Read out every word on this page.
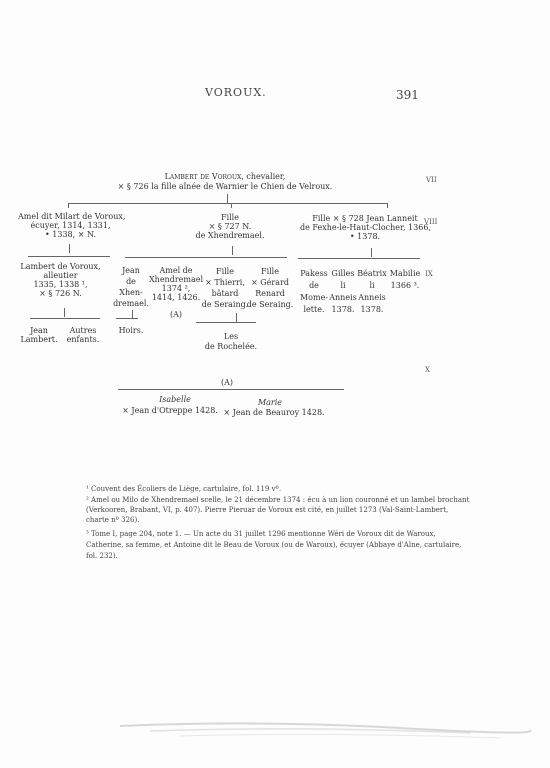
VOROUX.	391
VII
VIII
IX
X
Lambert de Voroux, chevalier,
× § 726 la fille aînée de Warnier le Chien de Velroux.
Amel dit Milart de Voroux,
écuyer, 1314, 1331,
• 1338, × N.
Fille
× § 727 N.
de Xhendremael.
Fille × § 728 Jean Lanneit
de Fexhe-le-Haut-Clocher, 1366,
• 1378.
Lambert de Voroux,
alleutier
1335, 1338 ¹,
× § 726 N.
Jean
de
Xhen-
dremael.
Amel de
Xhendremael
1374 ²,
1414, 1426.
(A)
Fille
× Thierri,
bâtard
de Seraing.
Fille
× Gérard
Renard
de Seraing.
Pakess
de
Mome-
lette.
Gilles
li
Anneis
1378.
Béatrix
li
Anneis
1378.
Mabilie
1366 ³.
Jean
Lambert.
Autres
enfants.
Hoirs.
Les
de Rochelée.
(A)
Isabelle
× Jean d'Otreppe 1428.
Marie
× Jean de Beauroy 1428.
¹ Couvent des Écoliers de Liège, cartulaire, fol. 119 vº.
² Amel ou Milo de Xhendremael scelle, le 21 décembre 1374 : écu à un lion couronné et un lambel brochant
(Verkooren, Brabant, VI, p. 407). Pierre Pieruar de Voroux est cité, en juillet 1273 (Val-Saint-Lambert,
charte nº 326).
³ Tome I, page 204, note 1. — Un acte du 31 juillet 1296 mentionne Wéri de Voroux dit de Waroux,
Catherine, sa femme, et Antoine dit le Beau de Voroux (ou de Waroux), écuyer (Abbaye d'Alne, cartulaire,
fol. 232).
